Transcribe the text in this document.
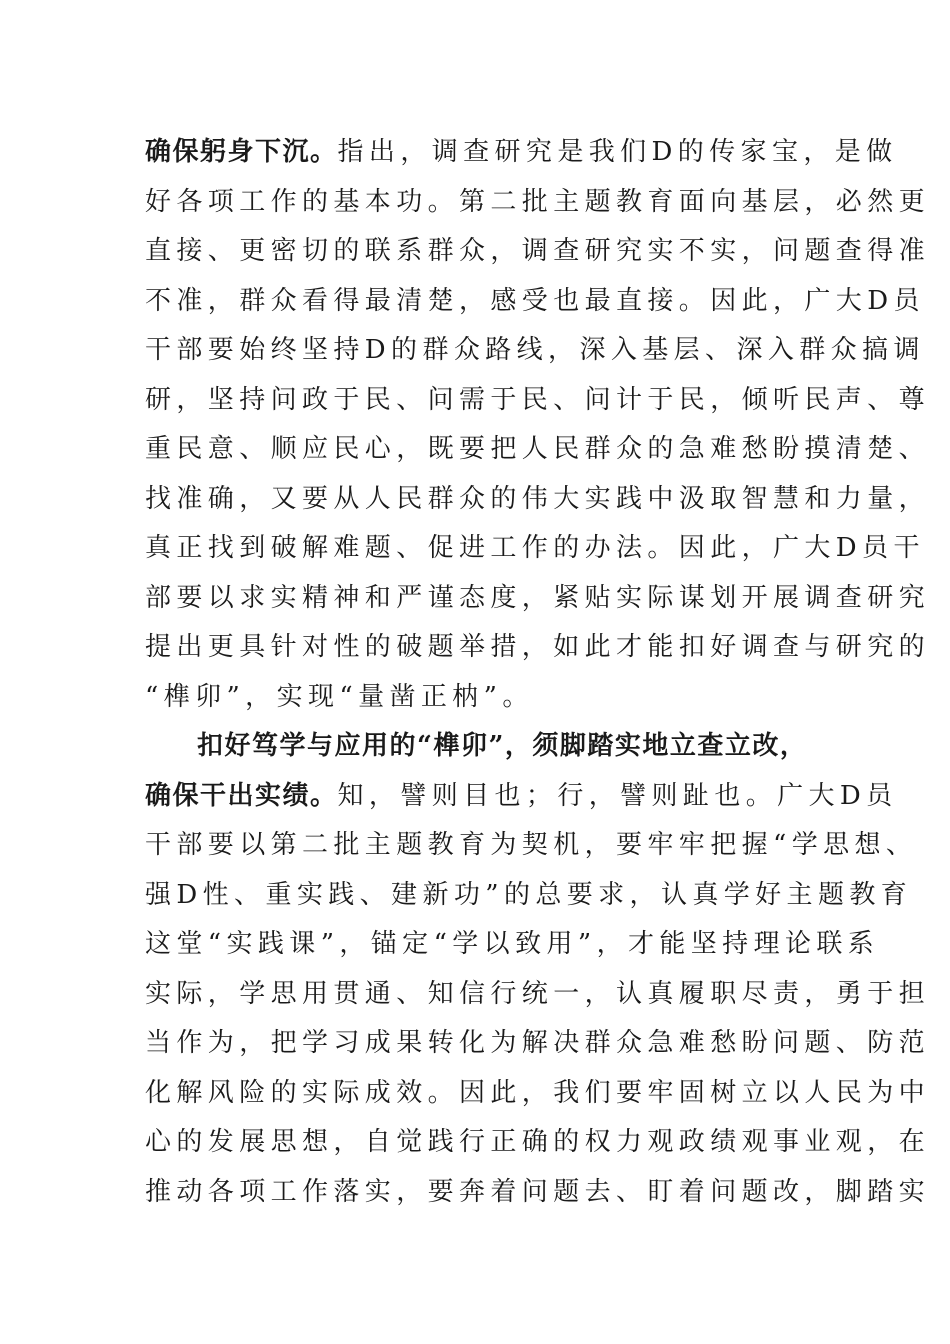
确保躬身下沉。指出，调查研究是我们D的传家宝，是做
好各项工作的基本功。第二批主题教育面向基层，必然更
直接、更密切的联系群众，调查研究实不实，问题查得准
不准，群众看得最清楚，感受也最直接。因此，广大D员
干部要始终坚持D的群众路线，深入基层、深入群众搞调
研，坚持问政于民、问需于民、问计于民，倾听民声、尊
重民意、顺应民心，既要把人民群众的急难愁盼摸清楚、
找准确，又要从人民群众的伟大实践中汲取智慧和力量，
真正找到破解难题、促进工作的办法。因此，广大D员干
部要以求实精神和严谨态度，紧贴实际谋划开展调查研究
提出更具针对性的破题举措，如此才能扣好调查与研究的
“榫卯”，实现“量凿正枘”。
扣好笃学与应用的“榫卯”，须脚踏实地立查立改，
确保干出实绩。知，譬则目也；行，譬则趾也。广大D员
干部要以第二批主题教育为契机，要牢牢把握“学思想、
强D性、重实践、建新功”的总要求，认真学好主题教育
这堂“实践课”，锚定“学以致用”，才能坚持理论联系
实际，学思用贯通、知信行统一，认真履职尽责，勇于担
当作为，把学习成果转化为解决群众急难愁盼问题、防范
化解风险的实际成效。因此，我们要牢固树立以人民为中
心的发展思想，自觉践行正确的权力观政绩观事业观，在
推动各项工作落实，要奔着问题去、盯着问题改，脚踏实
